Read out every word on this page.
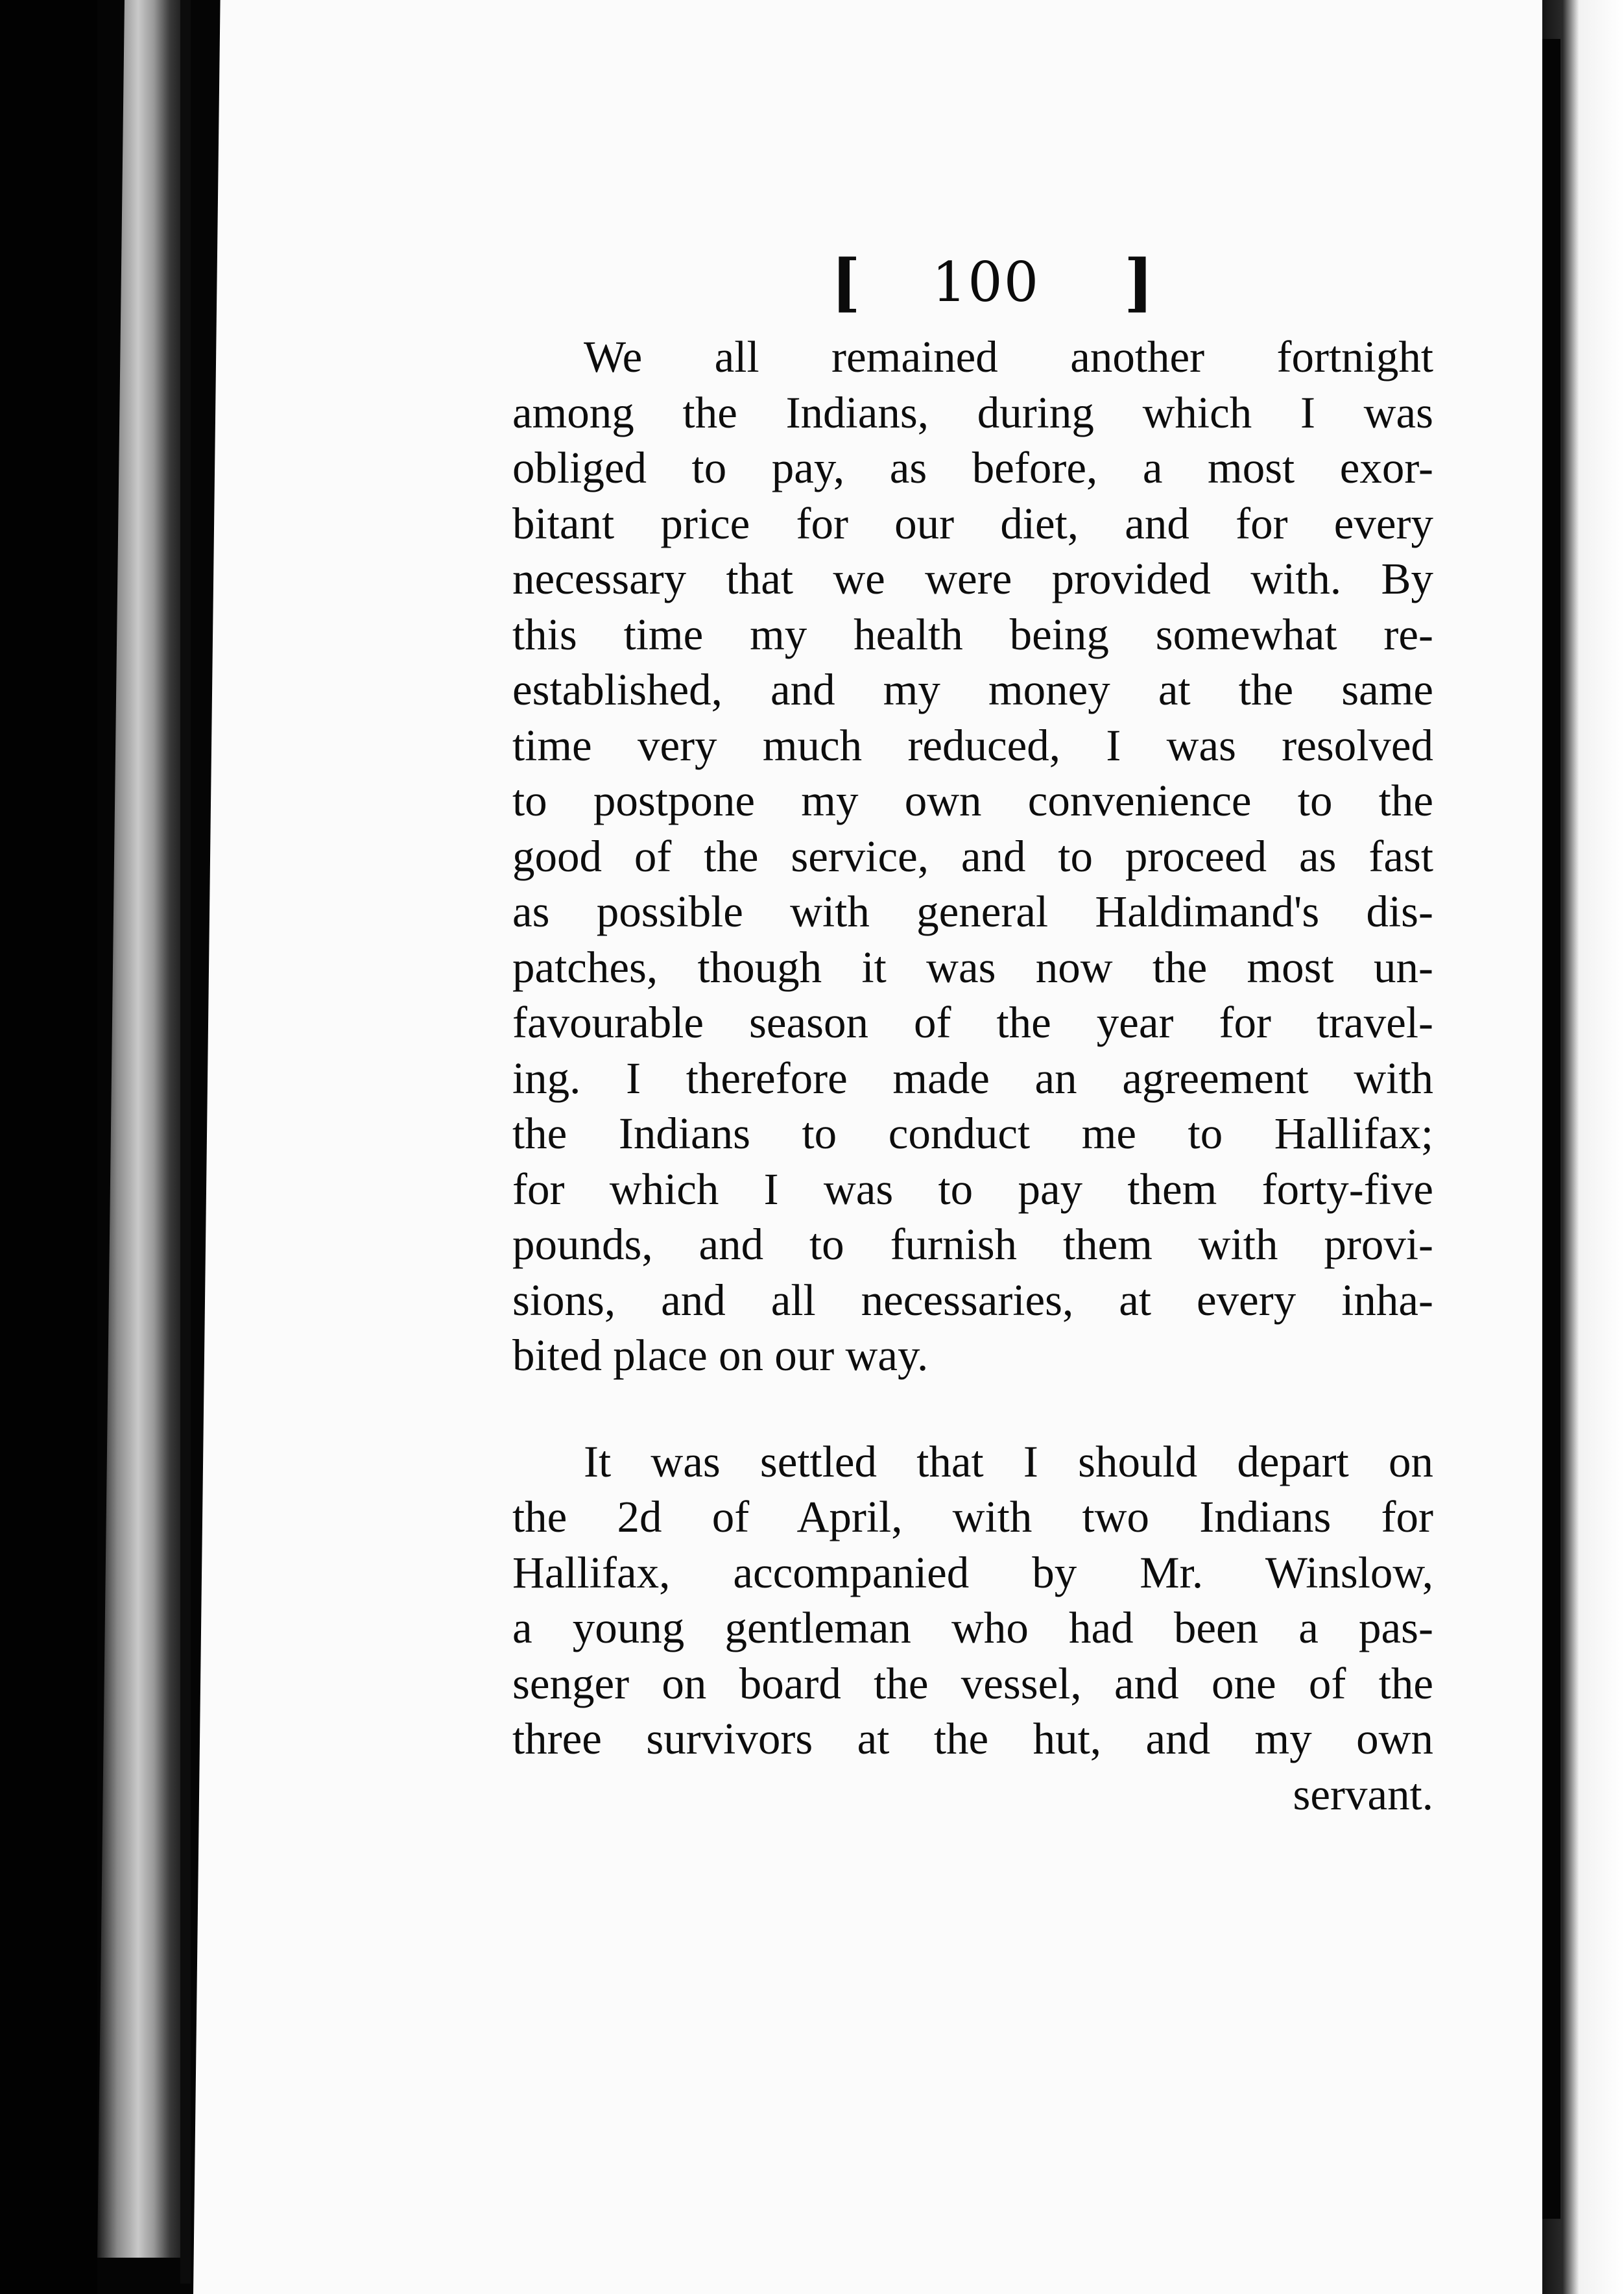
[ 100 ]
We all remained another fortnight
among the Indians, during which I was
obliged to pay, as before, a most exor-
bitant price for our diet, and for every
necessary that we were provided with. By
this time my health being somewhat re-
established, and my money at the same
time very much reduced, I was resolved
to postpone my own convenience to the
good of the service, and to proceed as fast
as possible with general Haldimand's dis-
patches, though it was now the most un-
favourable season of the year for travel-
ing. I therefore made an agreement with
the Indians to conduct me to Hallifax;
for which I was to pay them forty-five
pounds, and to furnish them with provi-
sions, and all necessaries, at every inha-
bited place on our way.
It was settled that I should depart on
the 2d of April, with two Indians for
Hallifax, accompanied by Mr. Winslow,
a young gentleman who had been a pas-
senger on board the vessel, and one of the
three survivors at the hut, and my own
servant.
